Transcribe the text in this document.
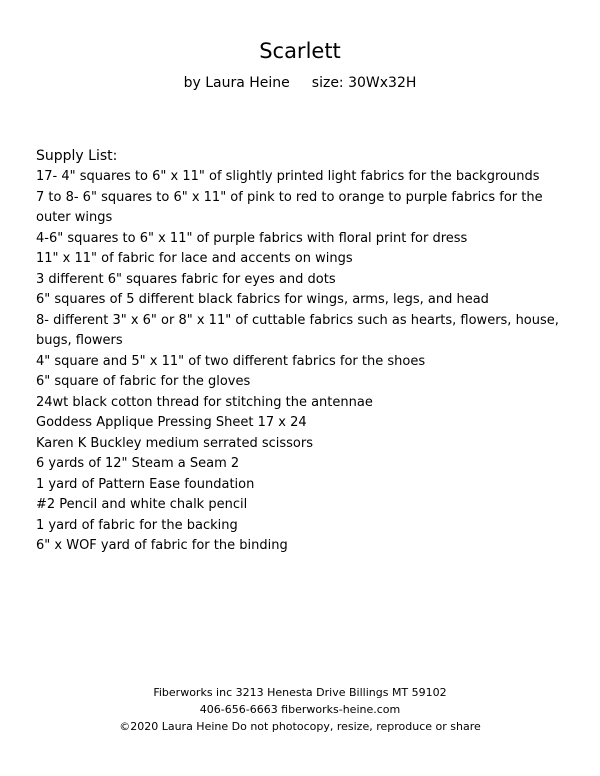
Scarlett
by Laura Heine size: 30Wx32H
Supply List:
17- 4" squares to 6" x 11" of slightly printed light fabrics for the backgrounds
7 to 8- 6" squares to 6" x 11" of pink to red to orange to purple fabrics for the outer wings
4-6" squares to 6" x 11" of purple fabrics with floral print for dress
11" x 11" of fabric for lace and accents on wings
3 different 6" squares fabric for eyes and dots
6" squares of 5 different black fabrics for wings, arms, legs, and head
8- different 3" x 6" or 8" x 11" of cuttable fabrics such as hearts, flowers, house, bugs, flowers
4" square and 5" x 11" of two different fabrics for the shoes
6" square of fabric for the gloves
24wt black cotton thread for stitching the antennae
Goddess Applique Pressing Sheet 17 x 24
Karen K Buckley medium serrated scissors
6 yards of 12" Steam a Seam 2
1 yard of Pattern Ease foundation
#2 Pencil and white chalk pencil
1 yard of fabric for the backing
6" x WOF yard of fabric for the binding
Fiberworks inc 3213 Henesta Drive Billings MT 59102
406-656-6663 fiberworks-heine.com
©2020 Laura Heine Do not photocopy, resize, reproduce or share
